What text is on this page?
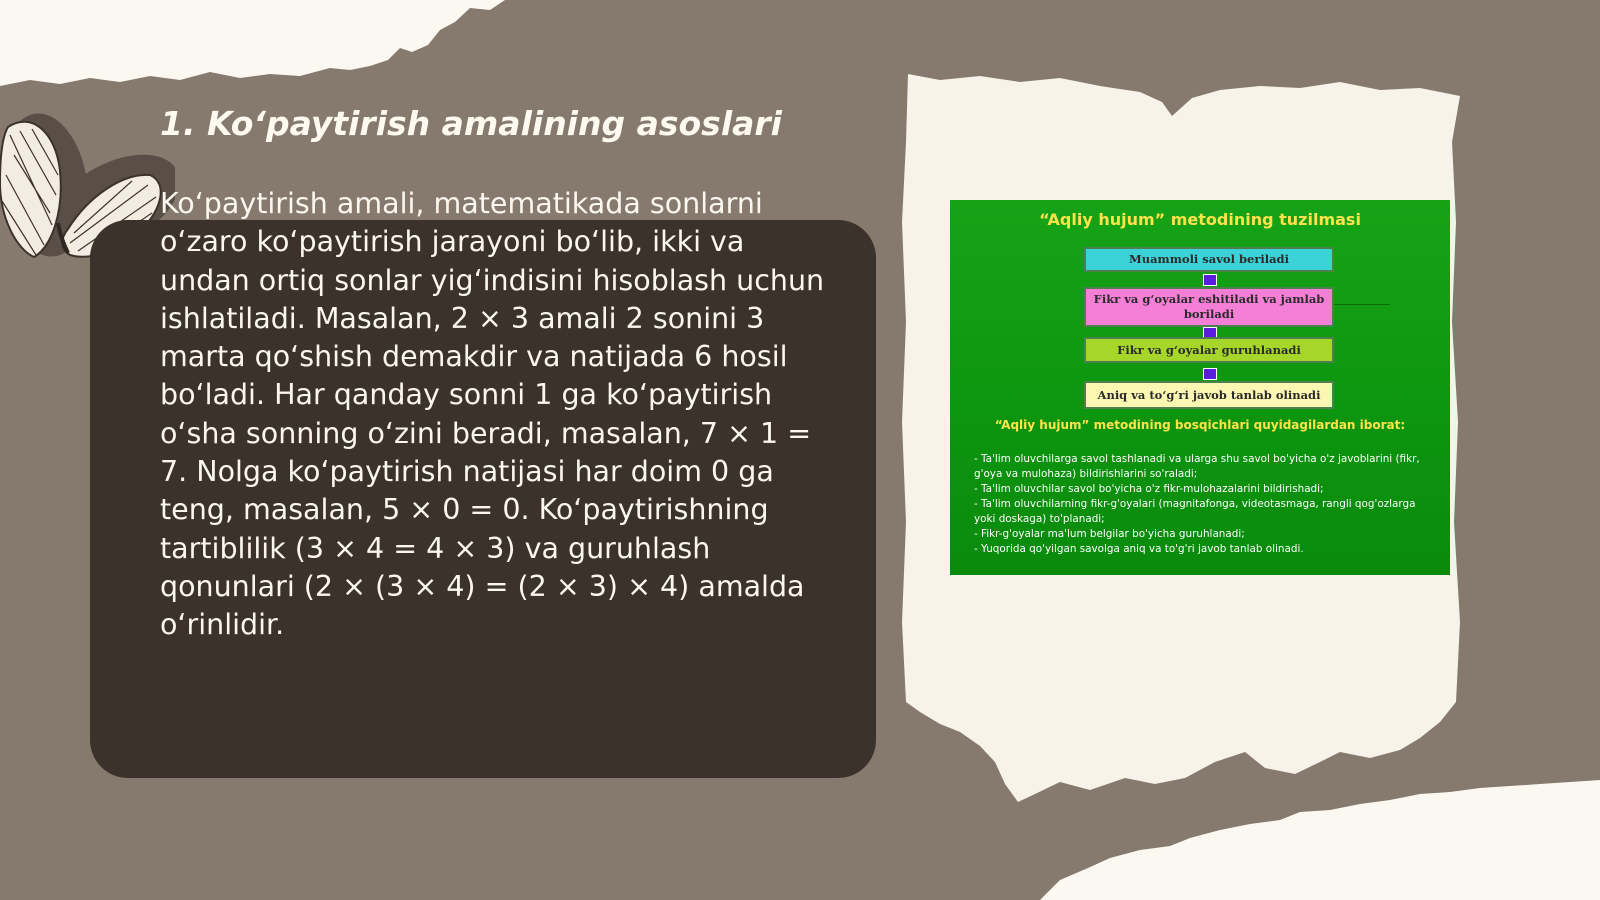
1. Ko‘paytirish amalining asoslari

Ko‘paytirish amali, matematikada sonlarni o‘zaro ko‘paytirish jarayoni bo‘lib, ikki va undan ortiq sonlar yig‘indisini hisoblash uchun ishlatiladi. Masalan, 2 × 3 amali 2 sonini 3 marta qo‘shish demakdir va natijada 6 hosil bo‘ladi. Har qanday sonni 1 ga ko‘paytirish o‘sha sonning o‘zini beradi, masalan, 7 × 1 = 7. Nolga ko‘paytirish natijasi har doim 0 ga teng, masalan, 5 × 0 = 0. Ko‘paytirishning tartiblilik (3 × 4 = 4 × 3) va guruhlash qonunlari (2 × (3 × 4) = (2 × 3) × 4) amalda o‘rinlidir.

“Aqliy hujum” metodining tuzilmasi
Muammoli savol beriladi
Fikr va g‘oyalar eshitiladi va jamlab boriladi
Fikr va g‘oyalar guruhlanadi
Aniq va to‘g‘ri javob tanlab olinadi
“Aqliy hujum” metodining bosqichlari quyidagilardan iborat:
- Ta'lim oluvchilarga savol tashlanadi va ularga shu savol bo'yicha o'z javoblarini (fikr, g'oya va mulohaza) bildirishlarini so'raladi;
- Ta'lim oluvchilar savol bo'yicha o'z fikr-mulohazalarini bildirishadi;
- Ta'lim oluvchilarning fikr-g'oyalari (magnitafonga, videotasmaga, rangli qog'ozlarga yoki doskaga) to'planadi;
- Fikr-g'oyalar ma'lum belgilar bo'yicha guruhlanadi;
- Yuqorida qo'yilgan savolga aniq va to'g'ri javob tanlab olinadi.
